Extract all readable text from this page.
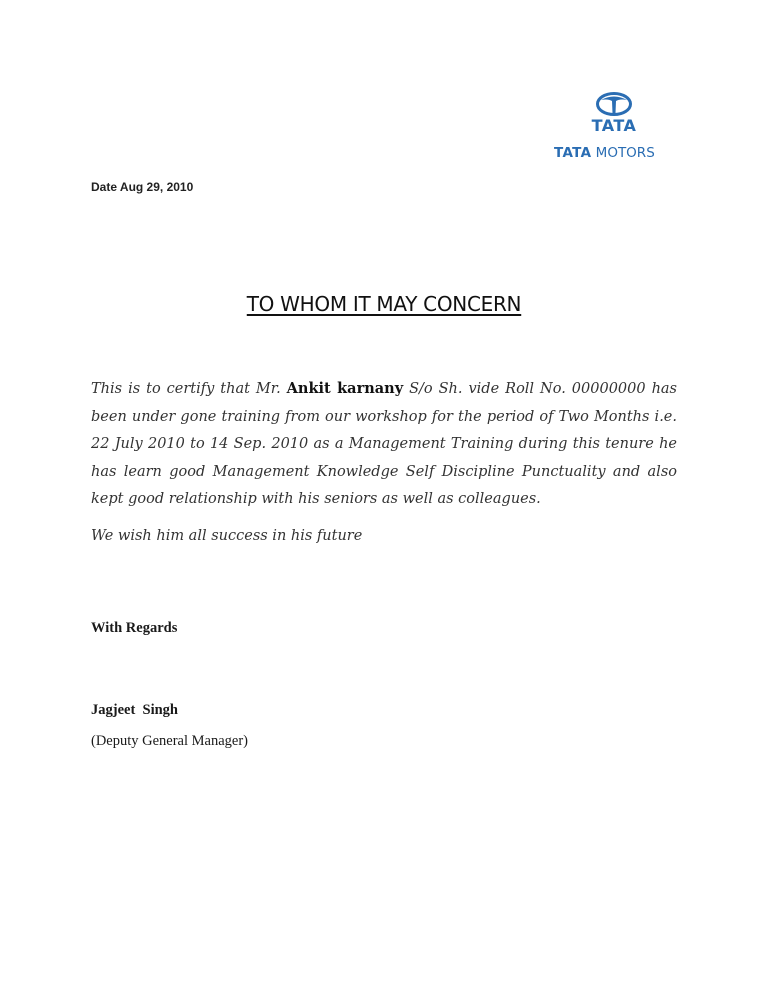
TATA
TATA MOTORS
Date Aug 29, 2010
TO WHOM IT MAY CONCERN
This is to certify that Mr. Ankit karnany S/o Sh. vide Roll No. 00000000 has been under gone training from our workshop for the period of Two Months i.e. 22 July 2010 to 14 Sep. 2010 as a Management Training during this tenure he has learn good Management Knowledge Self Discipline Punctuality and also kept good relationship with his seniors as well as colleagues.
We wish him all success in his future
With Regards
Jagjeet  Singh
(Deputy General Manager)
